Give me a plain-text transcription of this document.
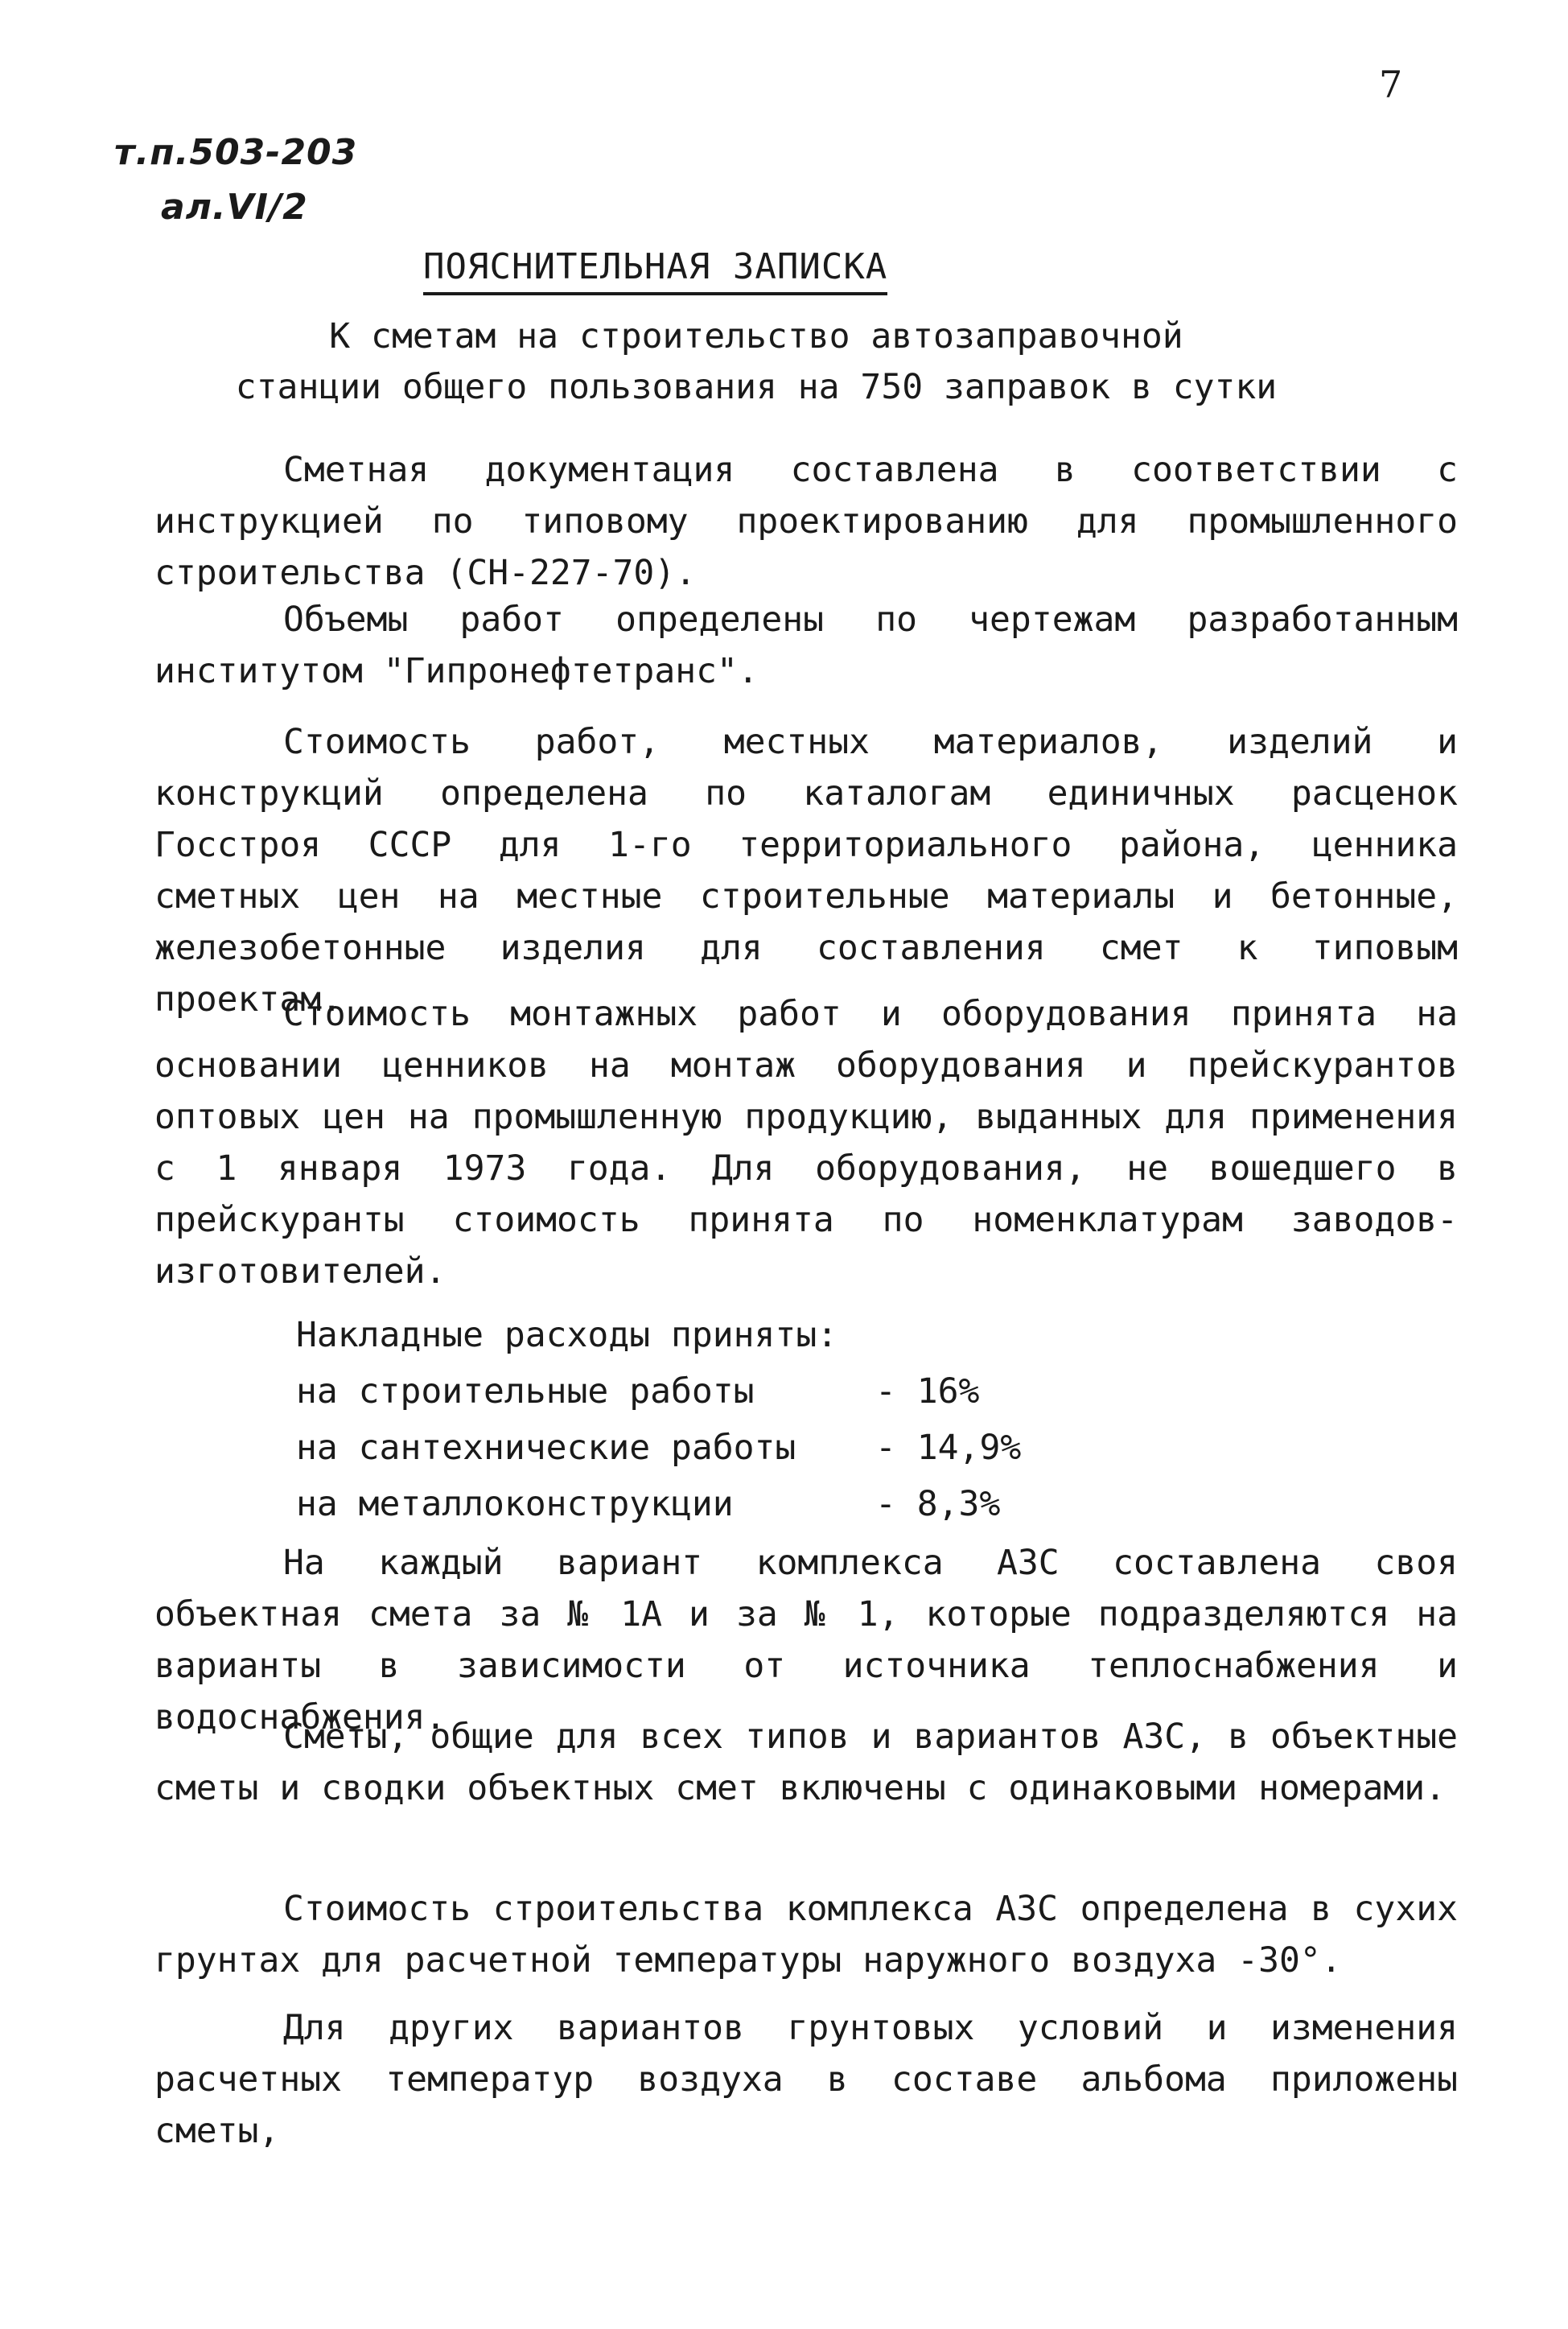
7
т.п.503-203
ал.VI/2
ПОЯСНИТЕЛЬНАЯ ЗАПИСКА
К сметам на строительство автозаправочной
станции общего пользования на 750 заправок в сутки

Сметная документация составлена в соответствии с инструкцией по типовому проектированию для промышленного строительства (СН-227-70).

Объемы работ определены по чертежам разработанным институтом "Гипронефтетранс".

Стоимость работ, местных материалов, изделий и конструкций определена по каталогам единичных расценок Госстроя СССР для 1-го территориального района, ценника сметных цен на местные строительные материалы и бетонные, железобетонные изделия для составления смет к типовым проектам.

Стоимость монтажных работ и оборудования принята на основании ценников на монтаж оборудования и прейскурантов оптовых цен на промышленную продукцию, выданных для применения с 1 января 1973 года. Для оборудования, не вошедшего в прейскуранты стоимость принята по номенклатурам заводов-изготовителей.

Накладные расходы приняты:
на строительные работы	- 16%
на сантехнические работы	- 14,9%
на металлоконструкции	- 8,3%

На каждый вариант комплекса АЗС составлена своя объектная смета за № 1А и за № 1, которые подразделяются на варианты в зависимости от источника теплоснабжения и водоснабжения.

Сметы, общие для всех типов и вариантов АЗС, в объектные сметы и сводки объектных смет включены с одинаковыми номерами.

Стоимость строительства комплекса АЗС определена в сухих грунтах для расчетной температуры наружного воздуха -30°.

Для других вариантов грунтовых условий и изменения расчетных температур воздуха в составе альбома приложены сметы,
